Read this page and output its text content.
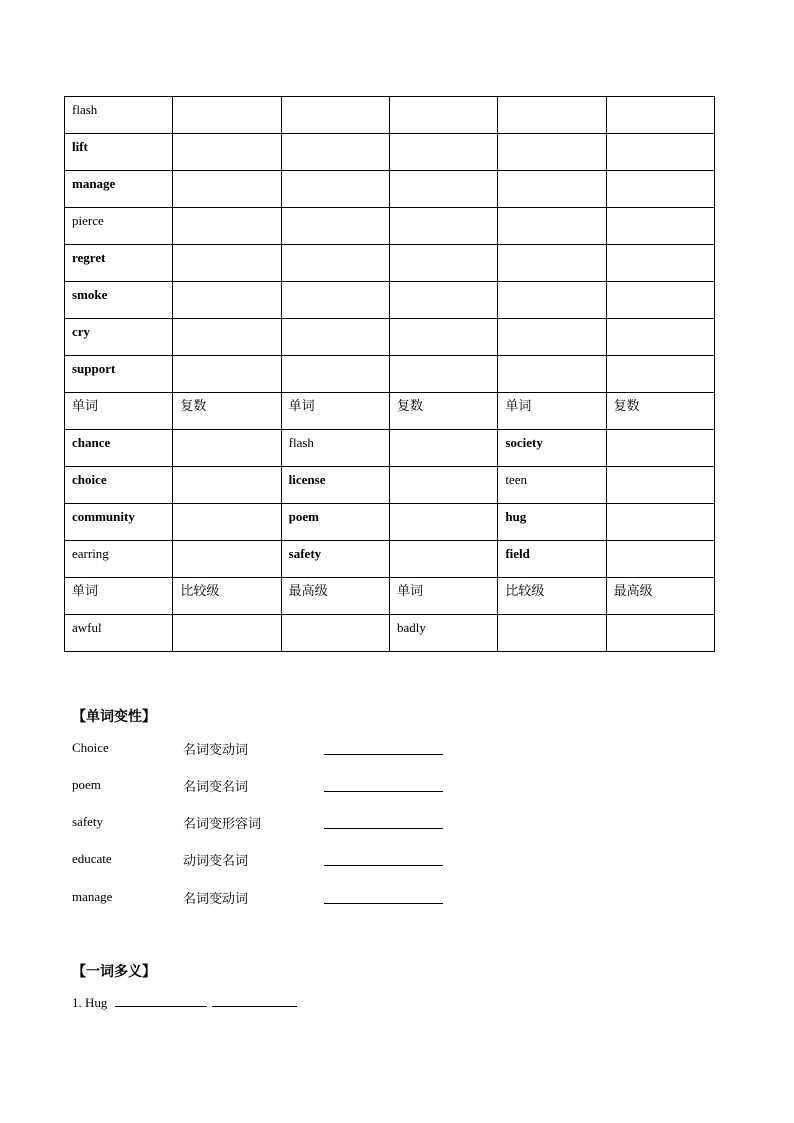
flash					
lift					
manage					
pierce					
regret					
smoke					
cry					
support					
单词	复数	单词	复数	单词	复数
chance		flash		society	
choice		license		teen	
community		poem		hug	
earring		safety		field	
单词	比较级	最高级	单词	比较级	最高级
awful			badly		
【单词变性】
Choice	名词变动词
poem	名词变名词
safety	名词变形容词
educate	动词变名词
manage	名词变动词
【一词多义】
1. Hug
